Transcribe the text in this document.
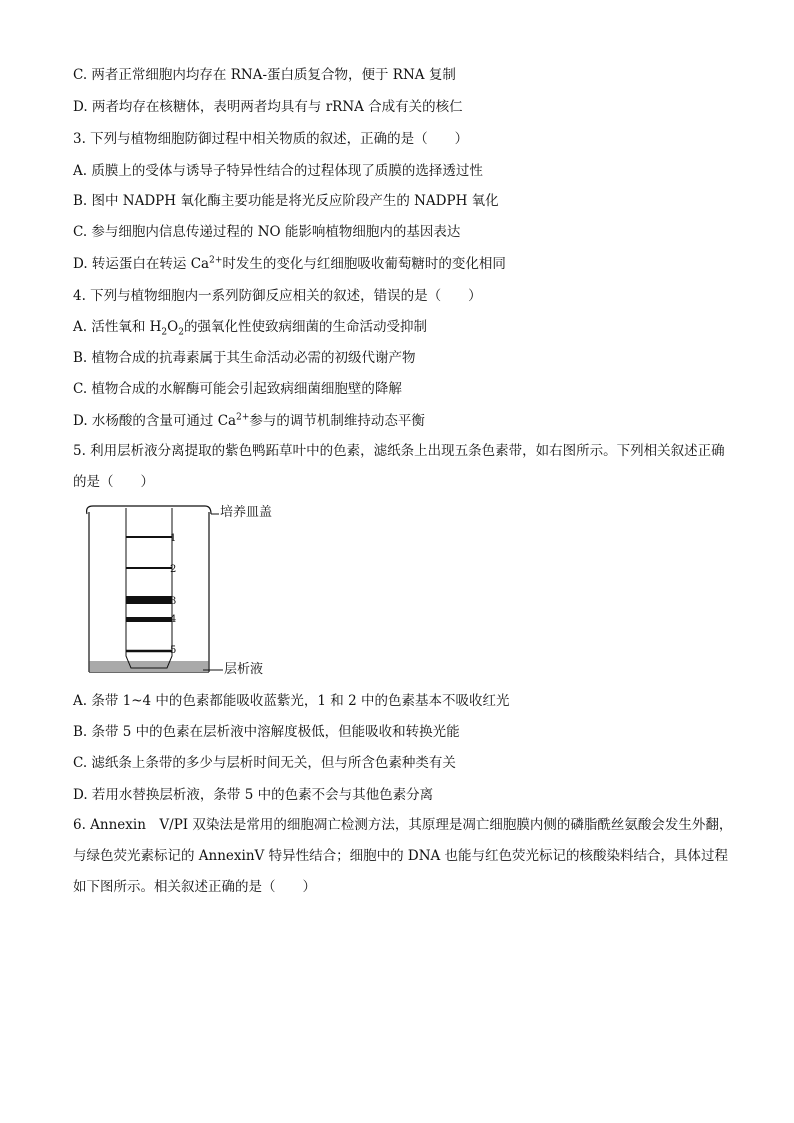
C. 两者正常细胞内均存在 RNA-蛋白质复合物，便于 RNA 复制
D. 两者均存在核糖体，表明两者均具有与 rRNA 合成有关的核仁
3. 下列与植物细胞防御过程中相关物质的叙述，正确的是（　　）
A. 质膜上的受体与诱导子特异性结合的过程体现了质膜的选择透过性
B. 图中 NADPH 氧化酶主要功能是将光反应阶段产生的 NADPH 氧化
C. 参与细胞内信息传递过程的 NO 能影响植物细胞内的基因表达
D. 转运蛋白在转运 $Ca^{2+}$时发生的变化与红细胞吸收葡萄糖时的变化相同
4. 下列与植物细胞内一系列防御反应相关的叙述，错误的是（　　）
A. 活性氧和 $H_2O_2$的强氧化性使致病细菌的生命活动受抑制
B. 植物合成的抗毒素属于其生命活动必需的初级代谢产物
C. 植物合成的水解酶可能会引起致病细菌细胞壁的降解
D. 水杨酸的含量可通过 $Ca^{2+}$参与的调节机制维持动态平衡
5. 利用层析液分离提取的紫色鸭跖草叶中的色素，滤纸条上出现五条色素带，如右图所示。下列相关叙述正确的是（　　）
培养皿盖
层析液
1
2
3
4
5
A. 条带 1~4 中的色素都能吸收蓝紫光，1 和 2 中的色素基本不吸收红光
B. 条带 5 中的色素在层析液中溶解度极低，但能吸收和转换光能
C. 滤纸条上条带的多少与层析时间无关，但与所含色素种类有关
D. 若用水替换层析液，条带 5 中的色素不会与其他色素分离
6. Annexin　V/PI 双染法是常用的细胞凋亡检测方法，其原理是凋亡细胞膜内侧的磷脂酰丝氨酸会发生外翻，与绿色荧光素标记的 AnnexinV 特异性结合；细胞中的 DNA 也能与红色荧光标记的核酸染料结合，具体过程如下图所示。相关叙述正确的是（　　）
